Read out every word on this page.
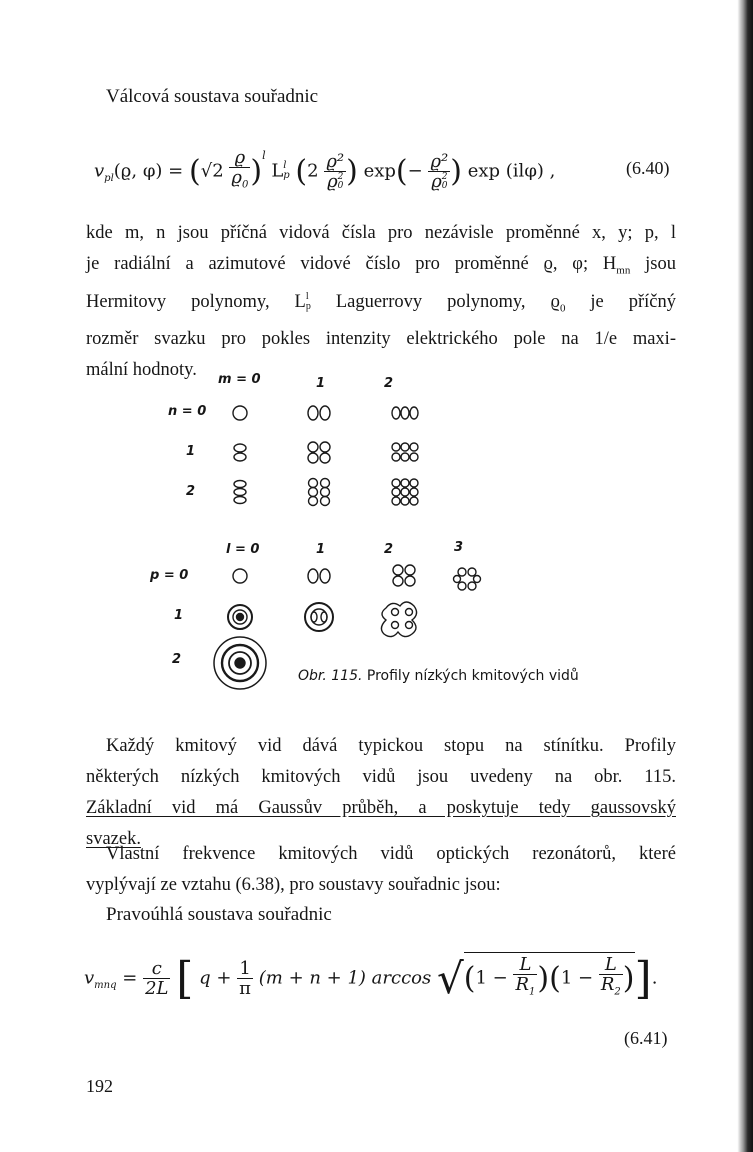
Válcová soustava souřadnic
$v_{pl}(ϱ$, $\varphi) = (√2 \frac{ϱ}{ϱ_0} )^l$ L l
p (2 ϱ²
ϱ 2
0 ) exp(− ϱ²
ϱ 2
0 ) exp (ilφ) ,	(6.40)
kde m, n jsou příčná vidová čísla pro nezávisle proměnné x, y; p, l
je radiální a azimutové vidové číslo pro proměnné ϱ, φ; $H_{mn}$ jsou
Hermitovy polynomy, L l
p Laguerrovy polynomy, $ϱ_0$ je příčný
rozměr svazku pro pokles intenzity elektrického pole na 1/e maxi-
mální hodnoty.	m = 0	1	2
n = 0
1
2
l = 0	1	2	3
p = 0
1
2
Obr. 115. Profily nízkých kmitových vidů
Každý kmitový vid dává typickou stopu na stínítku. Profily
některých nízkých kmitových vidů jsou uvedeny na obr. 115.
Základní vid má Gaussův průběh, a poskytuje tedy gaussovský
svazek.
Vlastní frekvence kmitových vidů optických rezonátorů, které
vyplývají ze vztahu (6.38), pro soustavy souřadnic jsou:
Pravoúhlá soustava souřadnic
$v_{mnq} = \frac{c}{2L}$ [ $q + \frac{1}{\pi} (m + n + 1)$ $\arccos √(1 - \frac{L}{R_1} )(1 - \frac{L}{R_2}$ )].
(6.41)
192
